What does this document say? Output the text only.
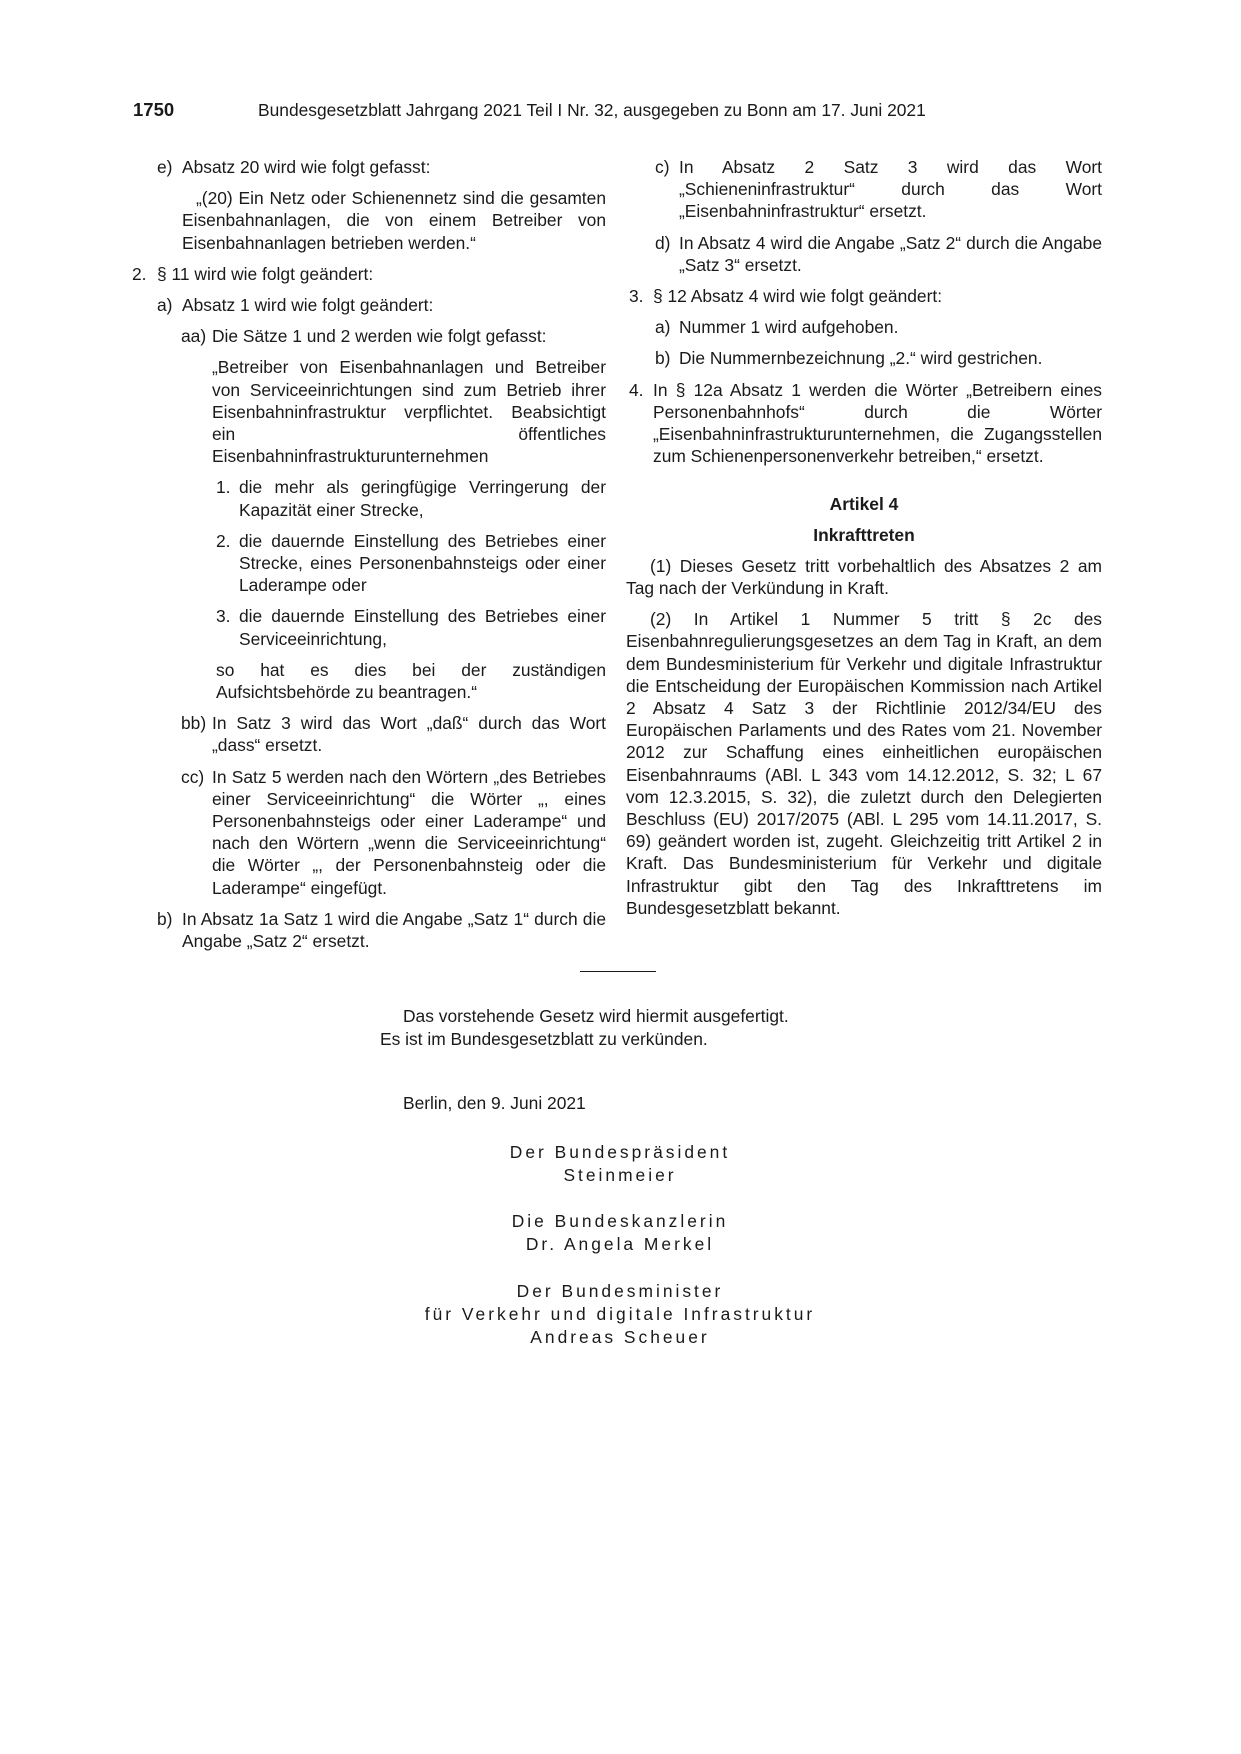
1750	Bundesgesetzblatt Jahrgang 2021 Teil I Nr. 32, ausgegeben zu Bonn am 17. Juni 2021
e) Absatz 20 wird wie folgt gefasst:
„(20) Ein Netz oder Schienennetz sind die gesamten Eisenbahnanlagen, die von einem Betreiber von Eisenbahnanlagen betrieben werden.“
2. § 11 wird wie folgt geändert:
a) Absatz 1 wird wie folgt geändert:
aa) Die Sätze 1 und 2 werden wie folgt gefasst:
„Betreiber von Eisenbahnanlagen und Betreiber von Serviceeinrichtungen sind zum Betrieb ihrer Eisenbahninfrastruktur verpflichtet. Beabsichtigt ein öffentliches Eisenbahninfrastrukturunternehmen
1. die mehr als geringfügige Verringerung der Kapazität einer Strecke,
2. die dauernde Einstellung des Betriebes einer Strecke, eines Personenbahnsteigs oder einer Laderampe oder
3. die dauernde Einstellung des Betriebes einer Serviceeinrichtung,
so hat es dies bei der zuständigen Aufsichtsbehörde zu beantragen.“
bb) In Satz 3 wird das Wort „daß“ durch das Wort „dass“ ersetzt.
cc) In Satz 5 werden nach den Wörtern „des Betriebes einer Serviceeinrichtung“ die Wörter „, eines Personenbahnsteigs oder einer Laderampe“ und nach den Wörtern „wenn die Serviceeinrichtung“ die Wörter „, der Personenbahnsteig oder die Laderampe“ eingefügt.
b) In Absatz 1a Satz 1 wird die Angabe „Satz 1“ durch die Angabe „Satz 2“ ersetzt.
c) In Absatz 2 Satz 3 wird das Wort „Schieneninfrastruktur“ durch das Wort „Eisenbahninfrastruktur“ ersetzt.
d) In Absatz 4 wird die Angabe „Satz 2“ durch die Angabe „Satz 3“ ersetzt.
3. § 12 Absatz 4 wird wie folgt geändert:
a) Nummer 1 wird aufgehoben.
b) Die Nummernbezeichnung „2.“ wird gestrichen.
4. In § 12a Absatz 1 werden die Wörter „Betreibern eines Personenbahnhofs“ durch die Wörter „Eisenbahninfrastrukturunternehmen, die Zugangsstellen zum Schienenpersonenverkehr betreiben,“ ersetzt.
Artikel 4
Inkrafttreten
(1) Dieses Gesetz tritt vorbehaltlich des Absatzes 2 am Tag nach der Verkündung in Kraft.
(2) In Artikel 1 Nummer 5 tritt § 2c des Eisenbahnregulierungsgesetzes an dem Tag in Kraft, an dem dem Bundesministerium für Verkehr und digitale Infrastruktur die Entscheidung der Europäischen Kommission nach Artikel 2 Absatz 4 Satz 3 der Richtlinie 2012/34/EU des Europäischen Parlaments und des Rates vom 21. November 2012 zur Schaffung eines einheitlichen europäischen Eisenbahnraums (ABl. L 343 vom 14.12.2012, S. 32; L 67 vom 12.3.2015, S. 32), die zuletzt durch den Delegierten Beschluss (EU) 2017/2075 (ABl. L 295 vom 14.11.2017, S. 69) geändert worden ist, zugeht. Gleichzeitig tritt Artikel 2 in Kraft. Das Bundesministerium für Verkehr und digitale Infrastruktur gibt den Tag des Inkrafttretens im Bundesgesetzblatt bekannt.
Das vorstehende Gesetz wird hiermit ausgefertigt.
Es ist im Bundesgesetzblatt zu verkünden.
Berlin, den 9. Juni 2021
Der Bundespräsident
Steinmeier
Die Bundeskanzlerin
Dr. Angela Merkel
Der Bundesminister
für Verkehr und digitale Infrastruktur
Andreas Scheuer
